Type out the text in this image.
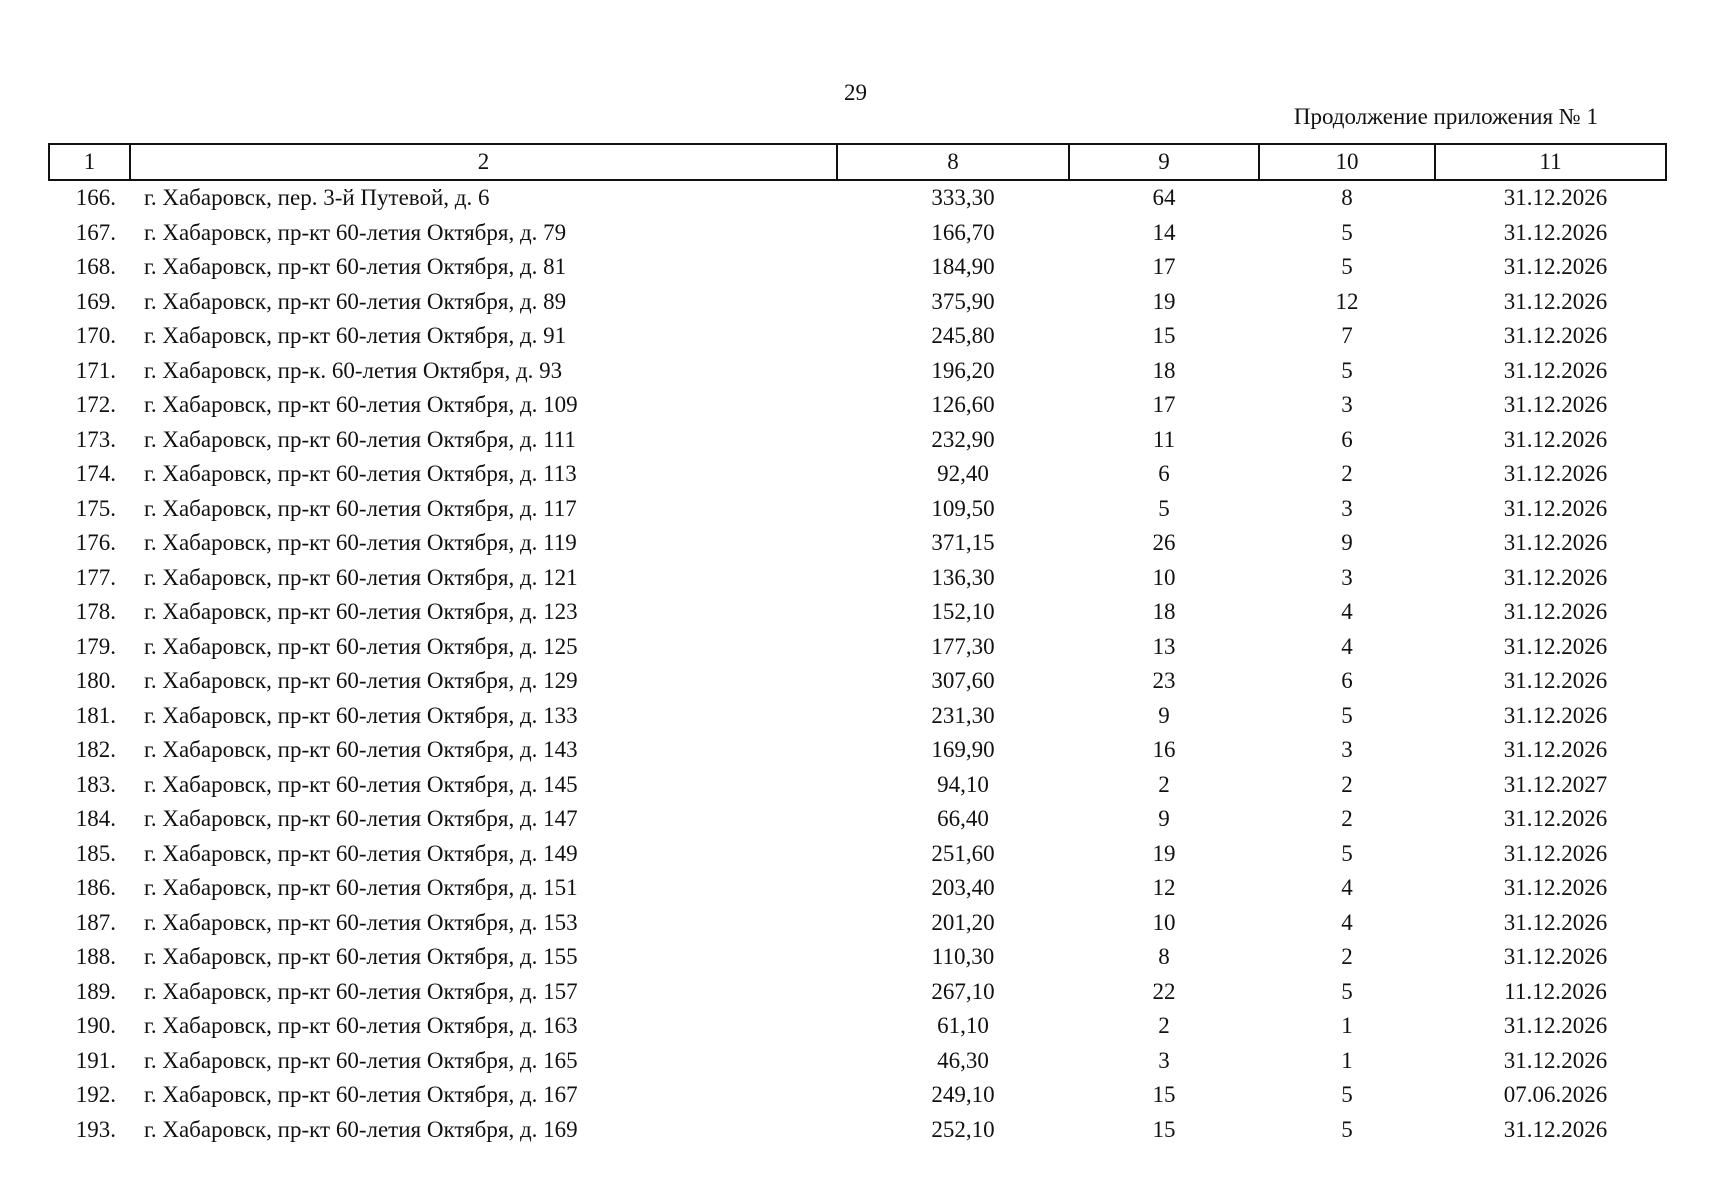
29
Продолжение приложения № 1
1	2	8	9	10	11
166.	г. Хабаровск, пер. 3-й Путевой, д. 6	333,30	64	8	31.12.2026
167.	г. Хабаровск, пр-кт 60-летия Октября, д. 79	166,70	14	5	31.12.2026
168.	г. Хабаровск, пр-кт 60-летия Октября, д. 81	184,90	17	5	31.12.2026
169.	г. Хабаровск, пр-кт 60-летия Октября, д. 89	375,90	19	12	31.12.2026
170.	г. Хабаровск, пр-кт 60-летия Октября, д. 91	245,80	15	7	31.12.2026
171.	г. Хабаровск, пр-к. 60-летия Октября, д. 93	196,20	18	5	31.12.2026
172.	г. Хабаровск, пр-кт 60-летия Октября, д. 109	126,60	17	3	31.12.2026
173.	г. Хабаровск, пр-кт 60-летия Октября, д. 111	232,90	11	6	31.12.2026
174.	г. Хабаровск, пр-кт 60-летия Октября, д. 113	92,40	6	2	31.12.2026
175.	г. Хабаровск, пр-кт 60-летия Октября, д. 117	109,50	5	3	31.12.2026
176.	г. Хабаровск, пр-кт 60-летия Октября, д. 119	371,15	26	9	31.12.2026
177.	г. Хабаровск, пр-кт 60-летия Октября, д. 121	136,30	10	3	31.12.2026
178.	г. Хабаровск, пр-кт 60-летия Октября, д. 123	152,10	18	4	31.12.2026
179.	г. Хабаровск, пр-кт 60-летия Октября, д. 125	177,30	13	4	31.12.2026
180.	г. Хабаровск, пр-кт 60-летия Октября, д. 129	307,60	23	6	31.12.2026
181.	г. Хабаровск, пр-кт 60-летия Октября, д. 133	231,30	9	5	31.12.2026
182.	г. Хабаровск, пр-кт 60-летия Октября, д. 143	169,90	16	3	31.12.2026
183.	г. Хабаровск, пр-кт 60-летия Октября, д. 145	94,10	2	2	31.12.2027
184.	г. Хабаровск, пр-кт 60-летия Октября, д. 147	66,40	9	2	31.12.2026
185.	г. Хабаровск, пр-кт 60-летия Октября, д. 149	251,60	19	5	31.12.2026
186.	г. Хабаровск, пр-кт 60-летия Октября, д. 151	203,40	12	4	31.12.2026
187.	г. Хабаровск, пр-кт 60-летия Октября, д. 153	201,20	10	4	31.12.2026
188.	г. Хабаровск, пр-кт 60-летия Октября, д. 155	110,30	8	2	31.12.2026
189.	г. Хабаровск, пр-кт 60-летия Октября, д. 157	267,10	22	5	11.12.2026
190.	г. Хабаровск, пр-кт 60-летия Октября, д. 163	61,10	2	1	31.12.2026
191.	г. Хабаровск, пр-кт 60-летия Октября, д. 165	46,30	3	1	31.12.2026
192.	г. Хабаровск, пр-кт 60-летия Октября, д. 167	249,10	15	5	07.06.2026
193.	г. Хабаровск, пр-кт 60-летия Октября, д. 169	252,10	15	5	31.12.2026
